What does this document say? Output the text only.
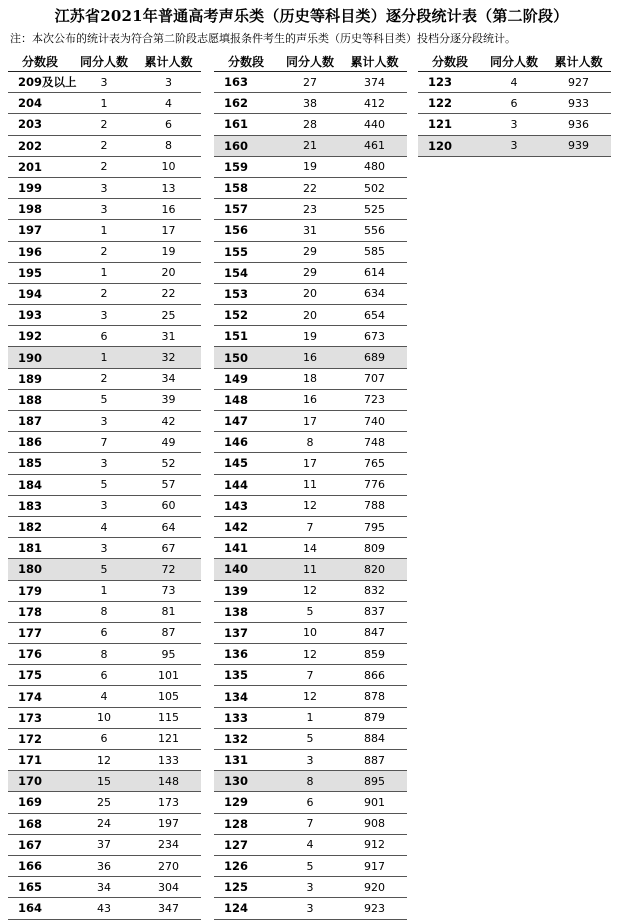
江苏省2021年普通高考声乐类（历史等科目类）逐分段统计表（第二阶段）
注：本次公布的统计表为符合第二阶段志愿填报条件考生的声乐类（历史等科目类）投档分逐分段统计。
分数段	同分人数	累计人数
209及以上	3	3
204	1	4
203	2	6
202	2	8
201	2	10
199	3	13
198	3	16
197	1	17
196	2	19
195	1	20
194	2	22
193	3	25
192	6	31
190	1	32
189	2	34
188	5	39
187	3	42
186	7	49
185	3	52
184	5	57
183	3	60
182	4	64
181	3	67
180	5	72
179	1	73
178	8	81
177	6	87
176	8	95
175	6	101
174	4	105
173	10	115
172	6	121
171	12	133
170	15	148
169	25	173
168	24	197
167	37	234
166	36	270
165	34	304
164	43	347
分数段	同分人数	累计人数
163	27	374
162	38	412
161	28	440
160	21	461
159	19	480
158	22	502
157	23	525
156	31	556
155	29	585
154	29	614
153	20	634
152	20	654
151	19	673
150	16	689
149	18	707
148	16	723
147	17	740
146	8	748
145	17	765
144	11	776
143	12	788
142	7	795
141	14	809
140	11	820
139	12	832
138	5	837
137	10	847
136	12	859
135	7	866
134	12	878
133	1	879
132	5	884
131	3	887
130	8	895
129	6	901
128	7	908
127	4	912
126	5	917
125	3	920
124	3	923
分数段	同分人数	累计人数
123	4	927
122	6	933
121	3	936
120	3	939
